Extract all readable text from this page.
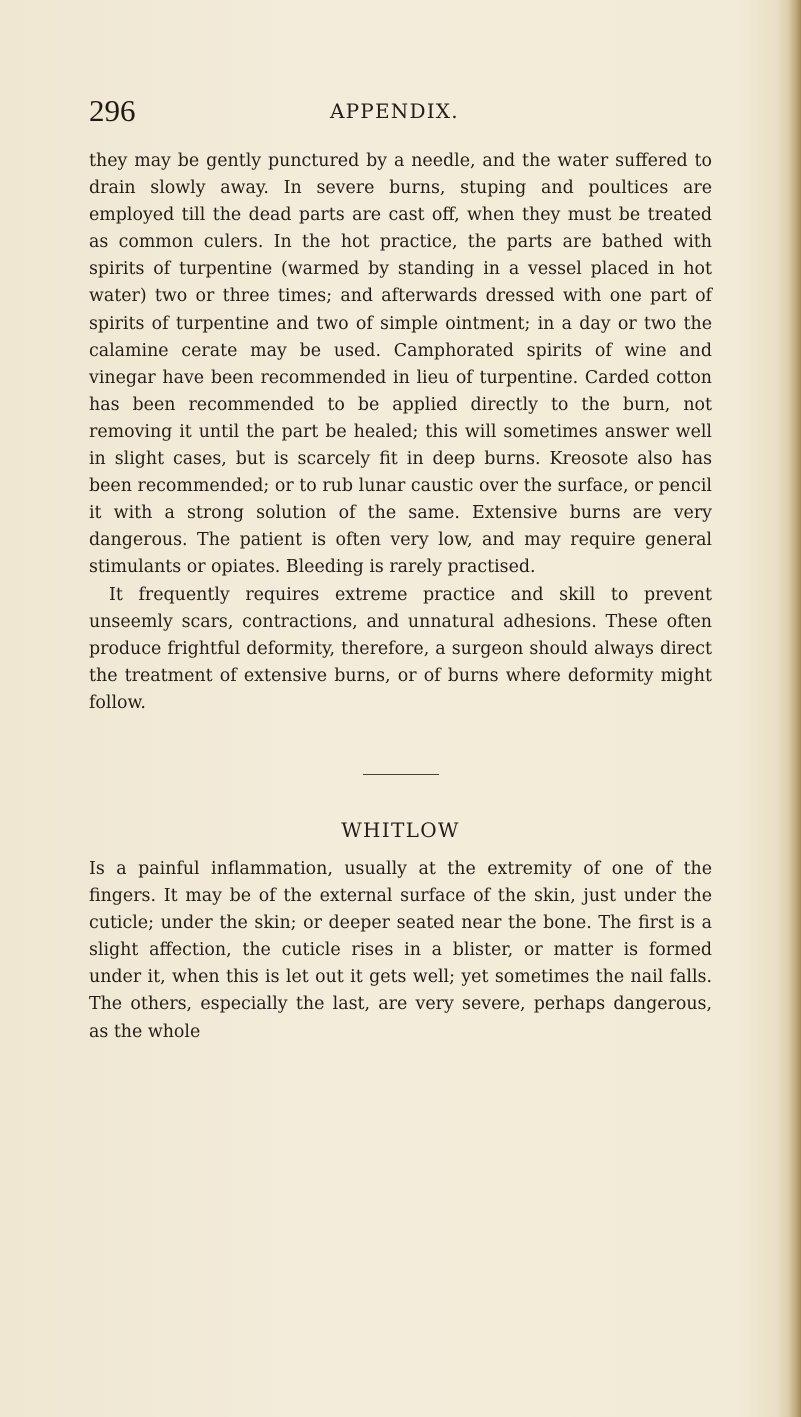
296	APPENDIX.

they may be gently punctured by a needle, and the water suffered to drain slowly away. In severe burns, stuping and poultices are employed till the dead parts are cast off, when they must be treated as common culers. In the hot practice, the parts are bathed with spirits of turpentine (warmed by standing in a vessel placed in hot water) two or three times; and afterwards dressed with one part of spirits of turpentine and two of simple ointment; in a day or two the calamine cerate may be used. Camphorated spirits of wine and vinegar have been recommended in lieu of turpentine. Carded cotton has been recommended to be applied directly to the burn, not removing it until the part be healed; this will sometimes answer well in slight cases, but is scarcely fit in deep burns. Kreosote also has been recommended; or to rub lunar caustic over the surface, or pencil it with a strong solution of the same. Extensive burns are very dangerous. The patient is often very low, and may require general stimulants or opiates. Bleeding is rarely practised.

It frequently requires extreme practice and skill to prevent unseemly scars, contractions, and unnatural adhesions. These often produce frightful deformity, therefore, a surgeon should always direct the treatment of extensive burns, or of burns where deformity might follow.

WHITLOW

Is a painful inflammation, usually at the extremity of one of the fingers. It may be of the external surface of the skin, just under the cuticle; under the skin; or deeper seated near the bone. The first is a slight affection, the cuticle rises in a blister, or matter is formed under it, when this is let out it gets well; yet sometimes the nail falls. The others, especially the last, are very severe, perhaps dangerous, as the whole
